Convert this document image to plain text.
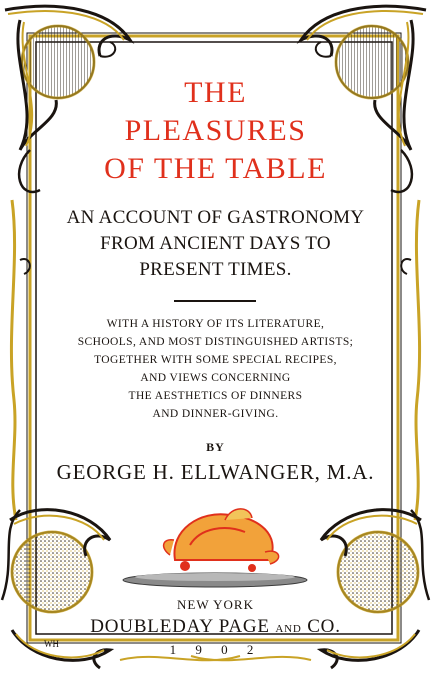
WH
THE
PLEASURES
OF THE TABLE
AN ACCOUNT OF GASTRONOMY
FROM ANCIENT DAYS TO
PRESENT TIMES.
WITH A HISTORY OF ITS LITERATURE,
SCHOOLS, AND MOST DISTINGUISHED ARTISTS;
TOGETHER WITH SOME SPECIAL RECIPES,
AND VIEWS CONCERNING
THE AESTHETICS OF DINNERS
AND DINNER-GIVING.
BY
GEORGE H. ELLWANGER, M.A.
NEW YORK
DOUBLEDAY PAGE AND CO.
1 9 0 2
